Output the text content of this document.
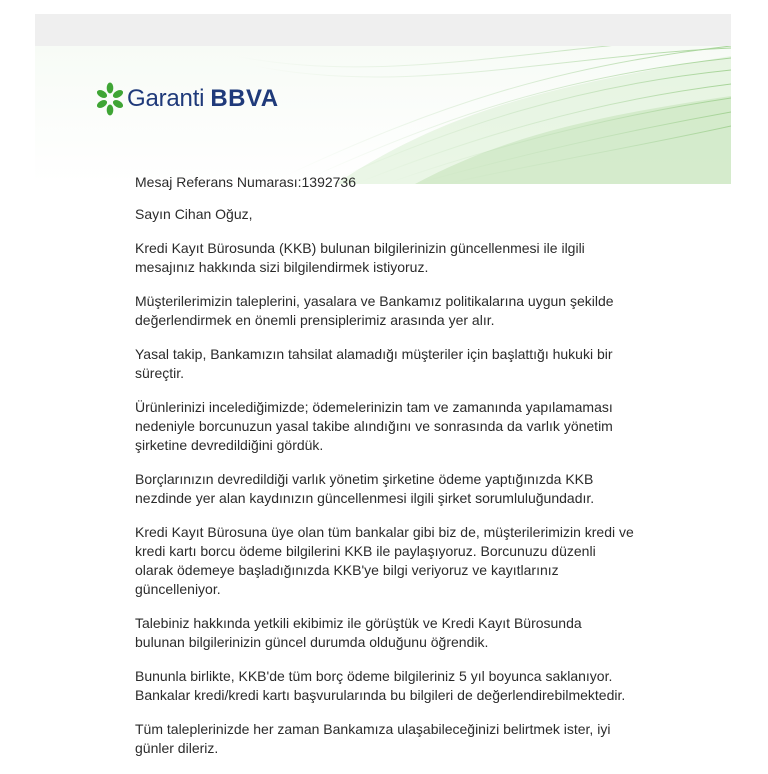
Garanti BBVA

Mesaj Referans Numarası:1392736

Sayın Cihan Oğuz,

Kredi Kayıt Bürosunda (KKB) bulunan bilgilerinizin güncellenmesi ile ilgili mesajınız hakkında sizi bilgilendirmek istiyoruz.

Müşterilerimizin taleplerini, yasalara ve Bankamız politikalarına uygun şekilde değerlendirmek en önemli prensiplerimiz arasında yer alır.

Yasal takip, Bankamızın tahsilat alamadığı müşteriler için başlattığı hukuki bir süreçtir.

Ürünlerinizi incelediğimizde; ödemelerinizin tam ve zamanında yapılamaması nedeniyle borcunuzun yasal takibe alındığını ve sonrasında da varlık yönetim şirketine devredildiğini gördük.

Borçlarınızın devredildiği varlık yönetim şirketine ödeme yaptığınızda KKB nezdinde yer alan kaydınızın güncellenmesi ilgili şirket sorumluluğundadır.

Kredi Kayıt Bürosuna üye olan tüm bankalar gibi biz de, müşterilerimizin kredi ve kredi kartı borcu ödeme bilgilerini KKB ile paylaşıyoruz. Borcunuzu düzenli olarak ödemeye başladığınızda KKB'ye bilgi veriyoruz ve kayıtlarınız güncelleniyor.

Talebiniz hakkında yetkili ekibimiz ile görüştük ve Kredi Kayıt Bürosunda bulunan bilgilerinizin güncel durumda olduğunu öğrendik.

Bununla birlikte, KKB'de tüm borç ödeme bilgileriniz 5 yıl boyunca saklanıyor. Bankalar kredi/kredi kartı başvurularında bu bilgileri de değerlendirebilmektedir.

Tüm taleplerinizde her zaman Bankamıza ulaşabileceğinizi belirtmek ister, iyi günler dileriz.
